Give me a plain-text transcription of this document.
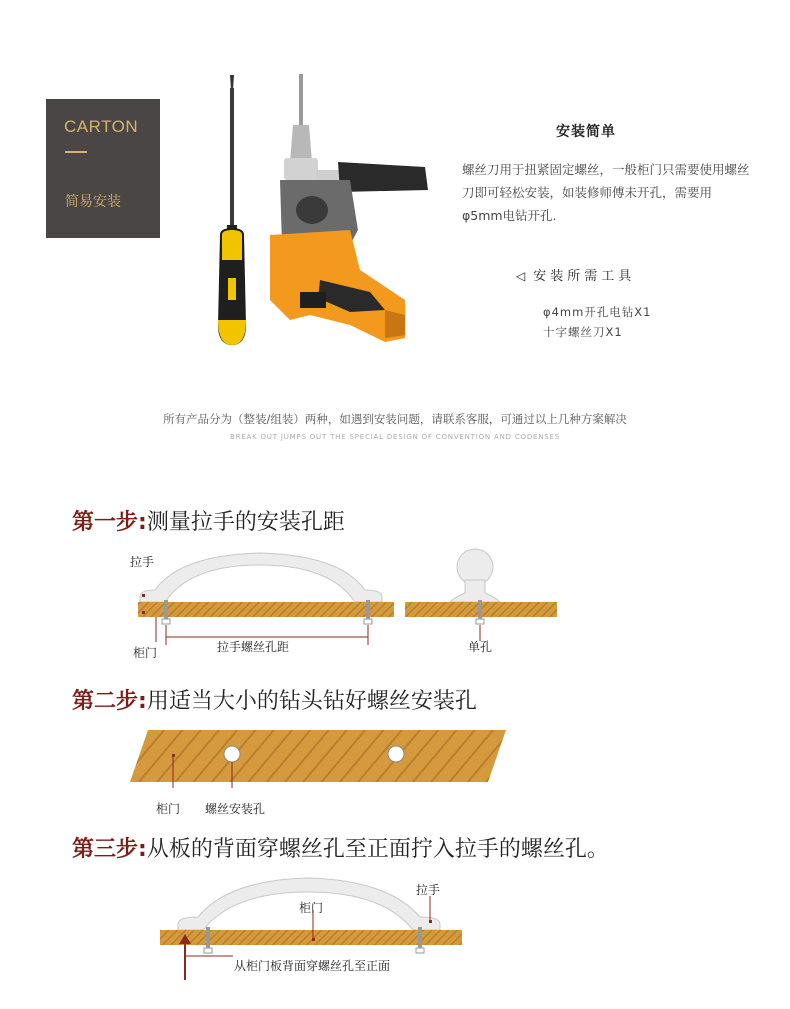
CARTON
简易安装
安装简单
螺丝刀用于扭紧固定螺丝，一般柜门只需要使用螺丝刀即可轻松安装，如装修师傅未开孔，需要用φ5mm电钻开孔.
◁ 安装所需工具
φ4mm开孔电钻X1
十字螺丝刀X1
所有产品分为（整装/组装）两种，如遇到安装问题，请联系客服，可通过以上几种方案解决
BREAK OUT JUMPS OUT THE SPECIAL DESIGN OF CONVENTION AND CODENSES
第一步:测量拉手的安装孔距
拉手
柜门	拉手螺丝孔距	单孔
第二步:用适当大小的钻头钻好螺丝安装孔
柜门 螺丝安装孔
第三步:从板的背面穿螺丝孔至正面拧入拉手的螺丝孔。
拉手
柜门
从柜门板背面穿螺丝孔至正面
